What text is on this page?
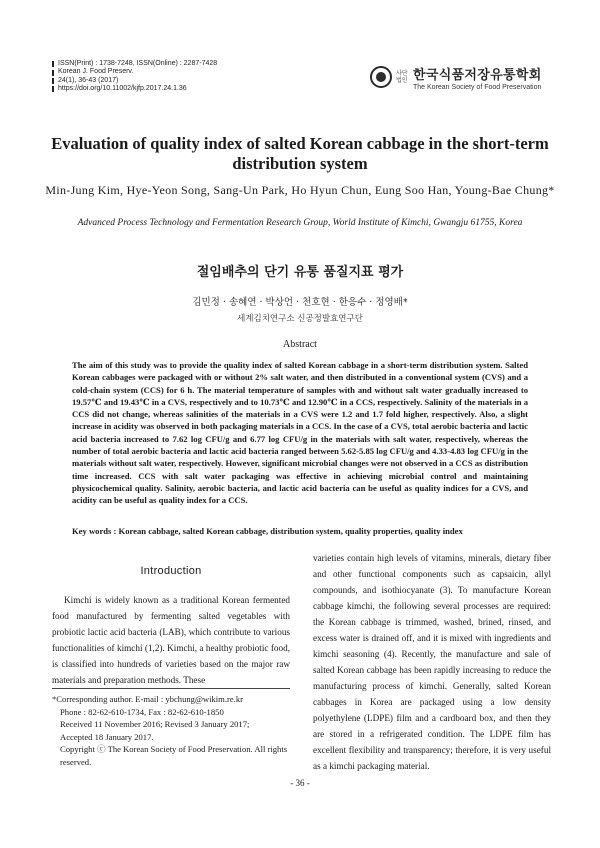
ISSN(Print) : 1738-7248, ISSN(Online) : 2287-7428
Korean J. Food Preserv.
24(1), 36-43 (2017)
https://doi.org/10.11002/kjfp.2017.24.1.36
사단법인 한국식품저장유통학회
The Korean Society of Food Preservation
Evaluation of quality index of salted Korean cabbage in the short-term distribution system
Min-Jung Kim, Hye-Yeon Song, Sang-Un Park, Ho Hyun Chun, Eung Soo Han, Young-Bae Chung*
Advanced Process Technology and Fermentation Research Group, World Institute of Kimchi, Gwangju 61755, Korea
절임배추의 단기 유통 품질지표 평가
김민정 · 송혜연 · 박상언 · 천호현 · 한응수 · 정영배*
세계김치연구소 신공정발효연구단
Abstract
The aim of this study was to provide the quality index of salted Korean cabbage in a short-term distribution system. Salted Korean cabbages were packaged with or without 2% salt water, and then distributed in a conventional system (CVS) and a cold-chain system (CCS) for 6 h. The material temperature of samples with and without salt water gradually increased to 19.57℃ and 19.43℃ in a CVS, respectively and to 10.73℃ and 12.90℃ in a CCS, respectively. Salinity of the materials in a CCS did not change, whereas salinities of the materials in a CVS were 1.2 and 1.7 fold higher, respectively. Also, a slight increase in acidity was observed in both packaging materials in a CCS. In the case of a CVS, total aerobic bacteria and lactic acid bacteria increased to 7.62 log CFU/g and 6.77 log CFU/g in the materials with salt water, respectively, whereas the number of total aerobic bacteria and lactic acid bacteria ranged between 5.62-5.85 log CFU/g and 4.33-4.83 log CFU/g in the materials without salt water, respectively. However, significant microbial changes were not observed in a CCS as distribution time increased. CCS with salt water packaging was effective in achieving microbial control and maintaining physicochemical quality. Salinity, aerobic bacteria, and lactic acid bacteria can be useful as quality indices for a CVS, and acidity can be useful as quality index for a CCS.
Key words : Korean cabbage, salted Korean cabbage, distribution system, quality properties, quality index
Introduction

Kimchi is widely known as a traditional Korean fermented food manufactured by fermenting salted vegetables with probiotic lactic acid bacteria (LAB), which contribute to various functionalities of kimchi (1,2). Kimchi, a healthy probiotic food, is classified into hundreds of varieties based on the major raw materials and preparation methods. These

varieties contain high levels of vitamins, minerals, dietary fiber and other functional components such as capsaicin, allyl compounds, and isothiocyanate (3). To manufacture Korean cabbage kimchi, the following several processes are required: the Korean cabbage is trimmed, washed, brined, rinsed, and excess water is drained off, and it is mixed with ingredients and kimchi seasoning (4). Recently, the manufacture and sale of salted Korean cabbage has been rapidly increasing to reduce the manufacturing process of kimchi. Generally, salted Korean cabbages in Korea are packaged using a low density polyethylene (LDPE) film and a cardboard box, and then they are stored in a refrigerated condition. The LDPE film has excellent flexibility and transparency; therefore, it is very useful as a kimchi packaging material.

*Corresponding author. E-mail : ybchung@wikim.re.kr
Phone : 82-62-610-1734, Fax : 82-62-610-1850
Received 11 November 2016; Revised 3 January 2017;
Accepted 18 January 2017.
Copyright ⓒ The Korean Society of Food Preservation. All rights reserved.
- 36 -
